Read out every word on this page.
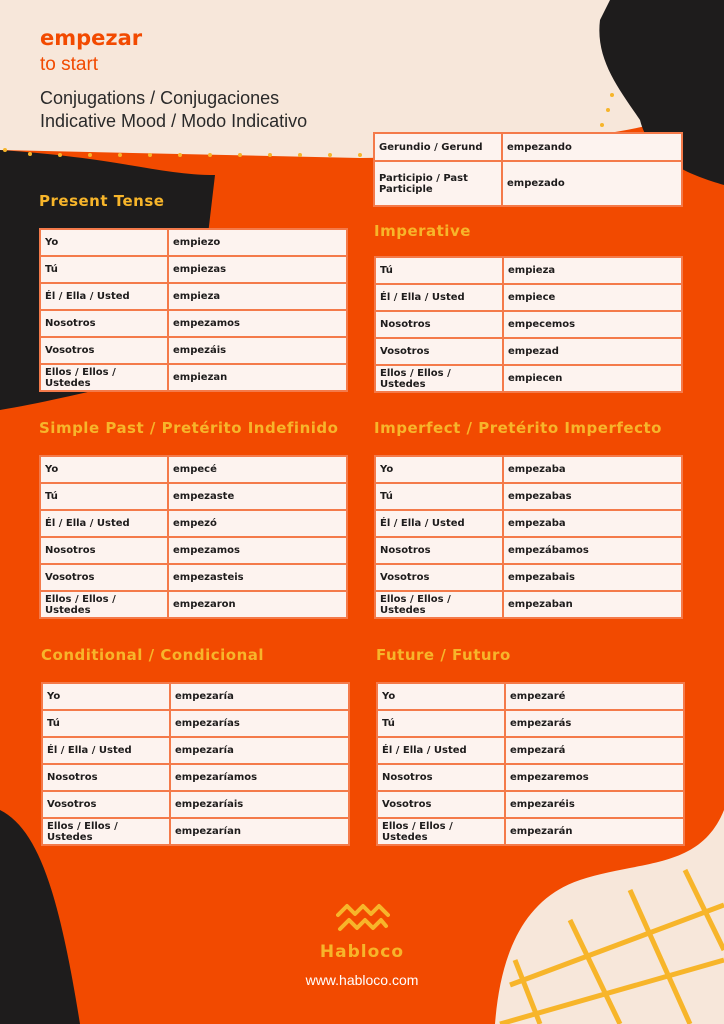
empezar
to start
Conjugations / Conjugaciones
Indicative Mood / Modo Indicativo
Gerundio / Gerund	empezando
Participio / Past Participle	empezado
Present Tense
Yo	empiezo
Tú	empiezas
Él / Ella / Usted	empieza
Nosotros	empezamos
Vosotros	empezáis
Ellos / Ellos / Ustedes	empiezan
Imperative
Tú	empieza
Él / Ella / Usted	empiece
Nosotros	empecemos
Vosotros	empezad
Ellos / Ellos / Ustedes	empiecen
Simple Past / Pretérito Indefinido
Yo	empecé
Tú	empezaste
Él / Ella / Usted	empezó
Nosotros	empezamos
Vosotros	empezasteis
Ellos / Ellos / Ustedes	empezaron
Imperfect / Pretérito Imperfecto
Yo	empezaba
Tú	empezabas
Él / Ella / Usted	empezaba
Nosotros	empezábamos
Vosotros	empezabais
Ellos / Ellos / Ustedes	empezaban
Conditional / Condicional
Yo	empezaría
Tú	empezarías
Él / Ella / Usted	empezaría
Nosotros	empezaríamos
Vosotros	empezaríais
Ellos / Ellos / Ustedes	empezarían
Future / Futuro
Yo	empezaré
Tú	empezarás
Él / Ella / Usted	empezará
Nosotros	empezaremos
Vosotros	empezaréis
Ellos / Ellos / Ustedes	empezarán
Habloco
www.habloco.com
